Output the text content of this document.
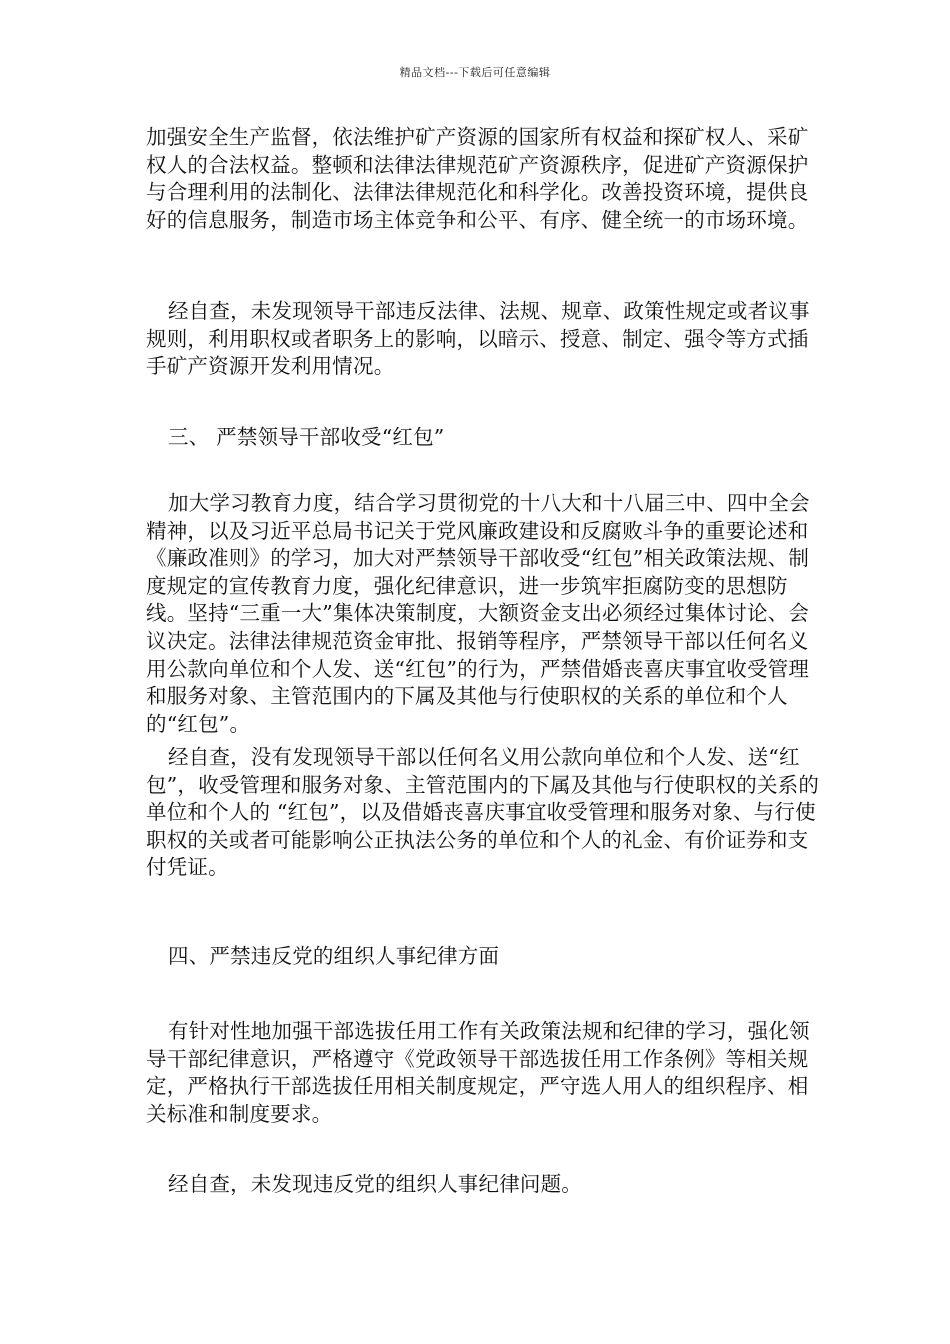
精品文档---下载后可任意编辑

加强安全生产监督，依法维护矿产资源的国家所有权益和探矿权人、采矿权人的合法权益。整顿和法律法律规范矿产资源秩序，促进矿产资源保护与合理利用的法制化、法律法律规范化和科学化。改善投资环境，提供良好的信息服务，制造市场主体竞争和公平、有序、健全统一的市场环境。

经自查，未发现领导干部违反法律、法规、规章、政策性规定或者议事规则，利用职权或者职务上的影响，以暗示、授意、制定、强令等方式插手矿产资源开发利用情况。

三、 严禁领导干部收受“红包”

加大学习教育力度，结合学习贯彻党的十八大和十八届三中、四中全会精神，以及习近平总局书记关于党风廉政建设和反腐败斗争的重要论述和《廉政准则》的学习，加大对严禁领导干部收受“红包”相关政策法规、制度规定的宣传教育力度，强化纪律意识，进一步筑牢拒腐防变的思想防线。坚持“三重一大”集体决策制度，大额资金支出必须经过集体讨论、会议决定。法律法律规范资金审批、报销等程序，严禁领导干部以任何名义用公款向单位和个人发、送“红包”的行为，严禁借婚丧喜庆事宜收受管理和服务对象、主管范围内的下属及其他与行使职权的关系的单位和个人的“红包”。

经自查，没有发现领导干部以任何名义用公款向单位和个人发、送“红包”，收受管理和服务对象、主管范围内的下属及其他与行使职权的关系的单位和个人的 “红包”，以及借婚丧喜庆事宜收受管理和服务对象、与行使职权的关或者可能影响公正执法公务的单位和个人的礼金、有价证券和支付凭证。

四、严禁违反党的组织人事纪律方面

有针对性地加强干部选拔任用工作有关政策法规和纪律的学习，强化领导干部纪律意识，严格遵守《党政领导干部选拔任用工作条例》等相关规定，严格执行干部选拔任用相关制度规定，严守选人用人的组织程序、相关标准和制度要求。

经自查，未发现违反党的组织人事纪律问题。
